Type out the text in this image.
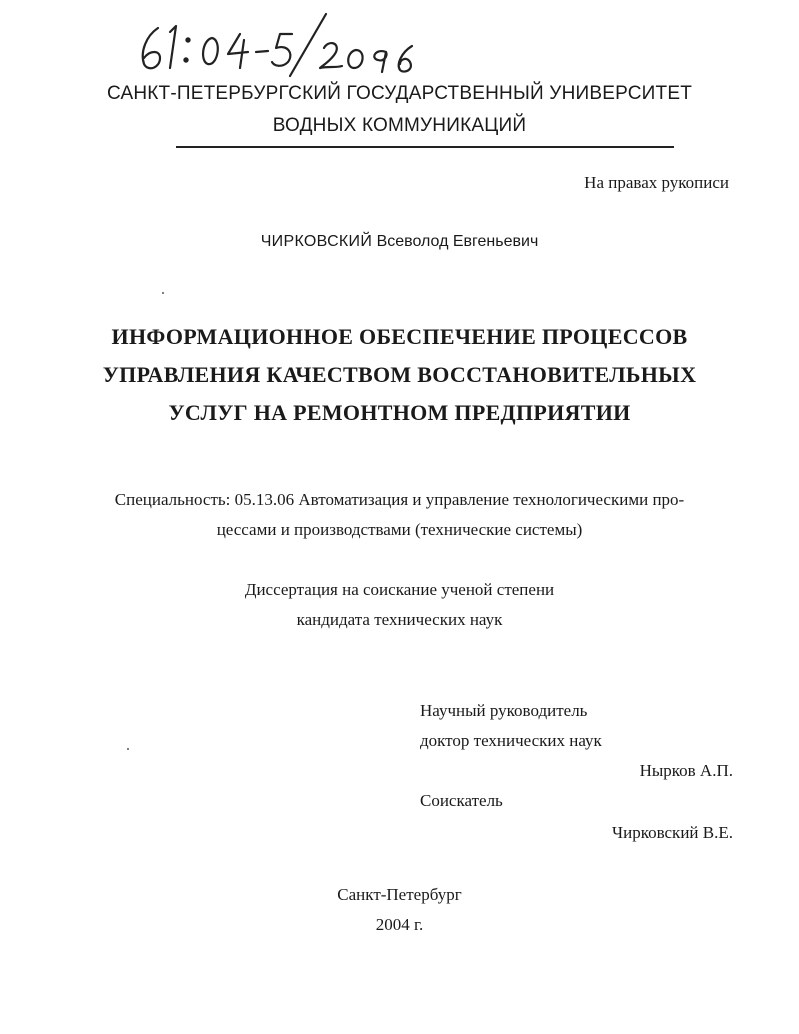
61: 04-5/2096
САНКТ-ПЕТЕРБУРГСКИЙ ГОСУДАРСТВЕННЫЙ УНИВЕРСИТЕТ
ВОДНЫХ КОММУНИКАЦИЙ
На правах рукописи
ЧИРКОВСКИЙ Всеволод Евгеньевич
ИНФОРМАЦИОННОЕ ОБЕСПЕЧЕНИЕ ПРОЦЕССОВ
УПРАВЛЕНИЯ КАЧЕСТВОМ ВОССТАНОВИТЕЛЬНЫХ
УСЛУГ НА РЕМОНТНОМ ПРЕДПРИЯТИИ
Специальность: 05.13.06 Автоматизация и управление технологическими про-
цессами и производствами (технические системы)
Диссертация на соискание ученой степени
кандидата технических наук
Научный руководитель
доктор технических наук
Нырков А.П.
Соискатель
Чирковский В.Е.
Санкт-Петербург
2004 г.
